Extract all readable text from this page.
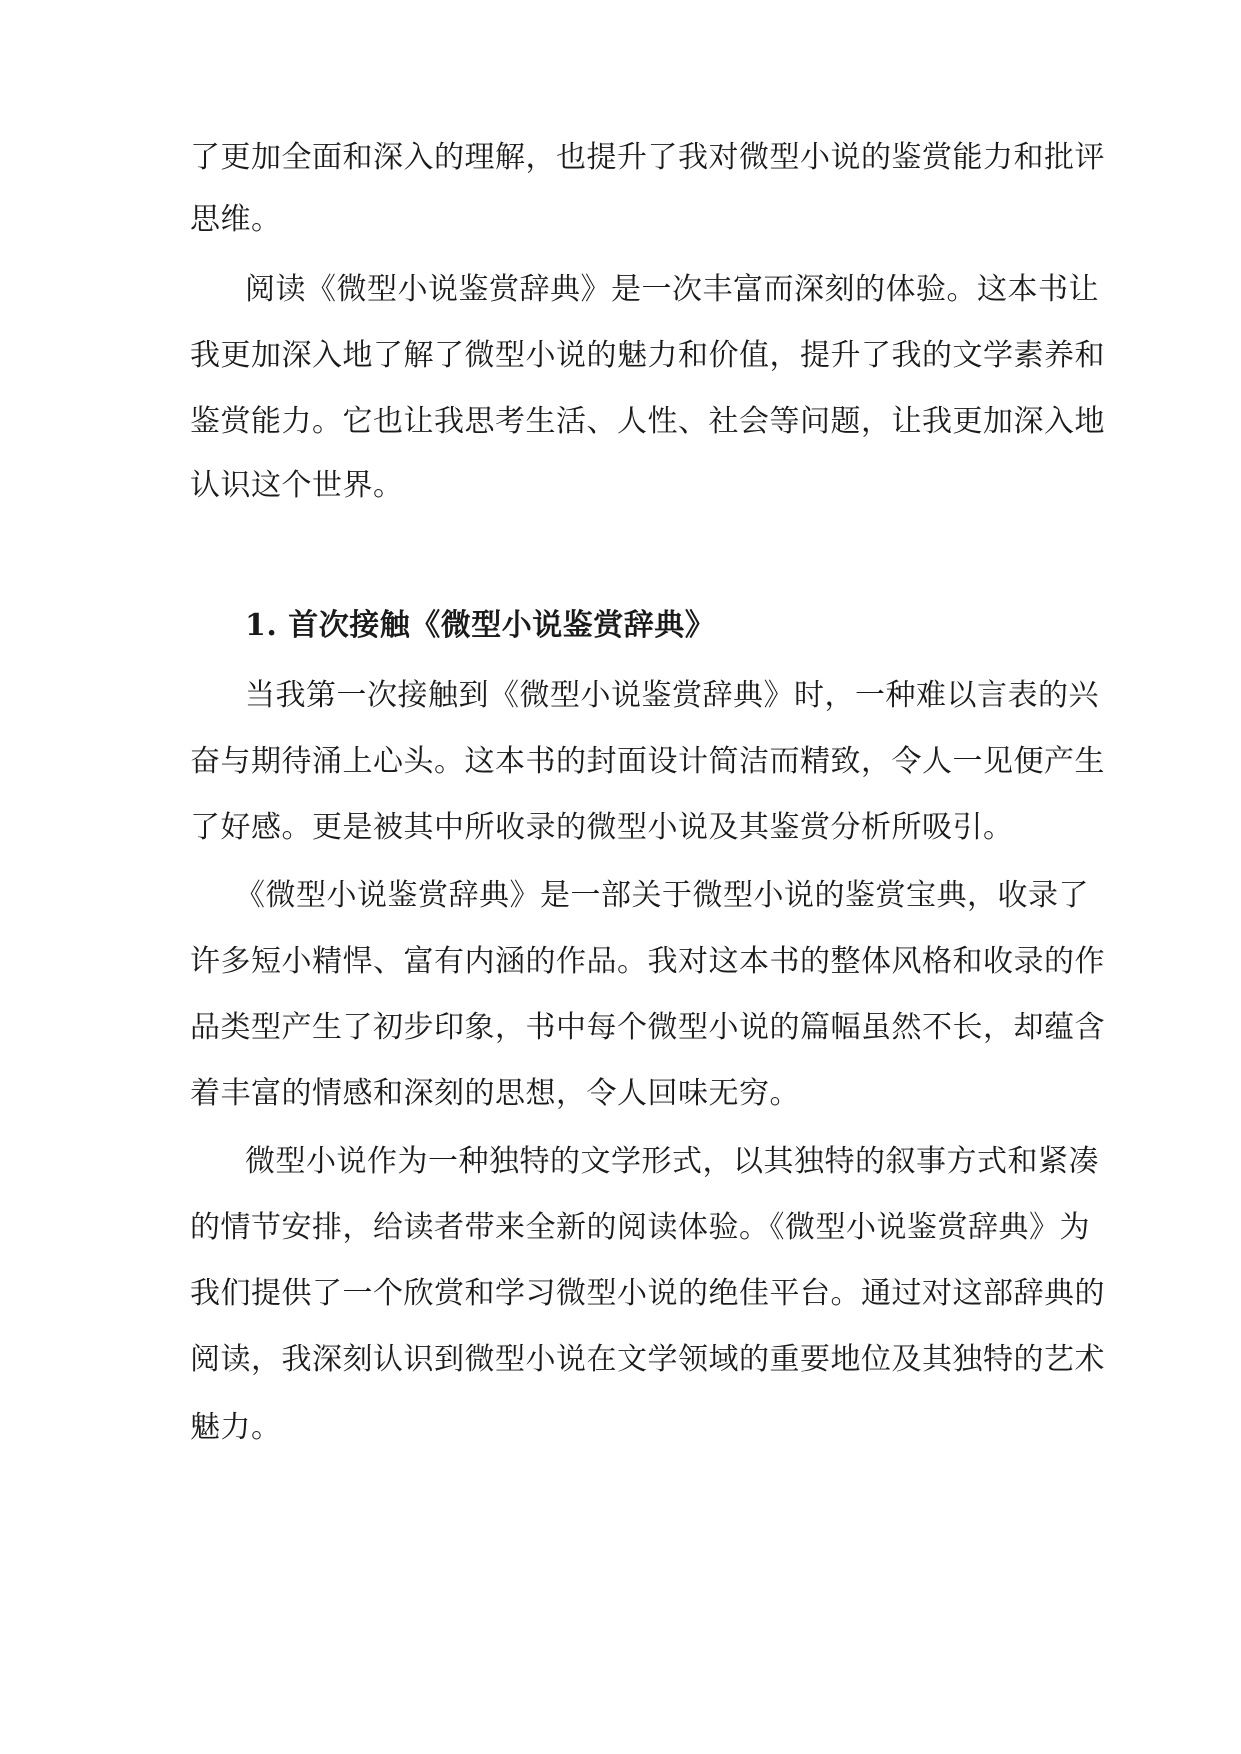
了更加全面和深入的理解，也提升了我对微型小说的鉴赏能力和批评
思维。
阅读《微型小说鉴赏辞典》是一次丰富而深刻的体验。这本书让
我更加深入地了解了微型小说的魅力和价值，提升了我的文学素养和
鉴赏能力。它也让我思考生活、人性、社会等问题，让我更加深入地
认识这个世界。
1. 首次接触《微型小说鉴赏辞典》
当我第一次接触到《微型小说鉴赏辞典》时，一种难以言表的兴
奋与期待涌上心头。这本书的封面设计简洁而精致，令人一见便产生
了好感。更是被其中所收录的微型小说及其鉴赏分析所吸引。
《微型小说鉴赏辞典》是一部关于微型小说的鉴赏宝典，收录了
许多短小精悍、富有内涵的作品。我对这本书的整体风格和收录的作
品类型产生了初步印象，书中每个微型小说的篇幅虽然不长，却蕴含
着丰富的情感和深刻的思想，令人回味无穷。
微型小说作为一种独特的文学形式，以其独特的叙事方式和紧凑
的情节安排，给读者带来全新的阅读体验。《微型小说鉴赏辞典》为
我们提供了一个欣赏和学习微型小说的绝佳平台。通过对这部辞典的
阅读，我深刻认识到微型小说在文学领域的重要地位及其独特的艺术
魅力。
